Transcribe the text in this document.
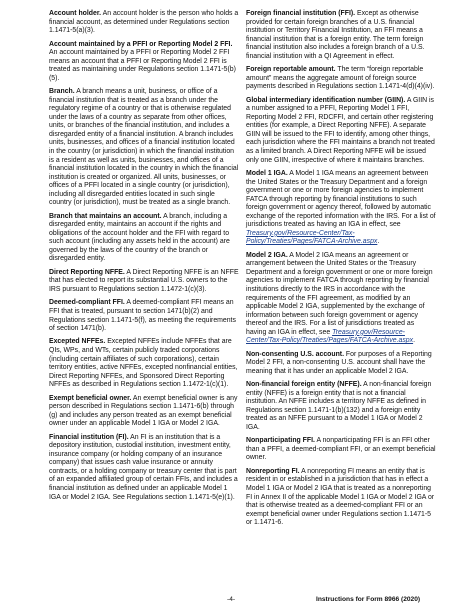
Account holder. An account holder is the person who holds a financial account, as determined under Regulations section 1.1471-5(a)(3).

Account maintained by a PFFI or Reporting Model 2 FFI. An account maintained by a PFFI or Reporting Model 2 FFI means an account that a PFFI or Reporting Model 2 FFI is treated as maintaining under Regulations section 1.1471-5(b)(5).

Branch. A branch means a unit, business, or office of a financial institution that is treated as a branch under the regulatory regime of a country or that is otherwise regulated under the laws of a country as separate from other offices, units, or branches of the financial institution, and includes a disregarded entity of a financial institution. A branch includes units, businesses, and offices of a financial institution located in the country (or jurisdiction) in which the financial institution is a resident as well as units, businesses, and offices of a financial institution located in the country in which the financial institution is created or organized. All units, businesses, or offices of a PFFI located in a single country (or jurisdiction), including all disregarded entities located in such single country (or jurisdiction), must be treated as a single branch.

Branch that maintains an account. A branch, including a disregarded entity, maintains an account if the rights and obligations of the account holder and the FFI with regard to such account (including any assets held in the account) are governed by the laws of the country of the branch or disregarded entity.

Direct Reporting NFFE. A Direct Reporting NFFE is an NFFE that has elected to report its substantial U.S. owners to the IRS pursuant to Regulations section 1.1472-1(c)(3).

Deemed-compliant FFI. A deemed-compliant FFI means an FFI that is treated, pursuant to section 1471(b)(2) and Regulations section 1.1471-5(f), as meeting the requirements of section 1471(b).

Excepted NFFEs. Excepted NFFEs include NFFEs that are QIs, WPs, and WTs, certain publicly traded corporations (including certain affiliates of such corporations), certain territory entities, active NFFEs, excepted nonfinancial entities, Direct Reporting NFFEs, and Sponsored Direct Reporting NFFEs as described in Regulations section 1.1472-1(c)(1).

Exempt beneficial owner. An exempt beneficial owner is any person described in Regulations section 1.1471-6(b) through (g) and includes any person treated as an exempt beneficial owner under an applicable Model 1 IGA or Model 2 IGA.

Financial institution (FI). An FI is an institution that is a depository institution, custodial institution, investment entity, insurance company (or holding company of an insurance company) that issues cash value insurance or annuity contracts, or a holding company or treasury center that is part of an expanded affiliated group of certain FFIs, and includes a financial institution as defined under an applicable Model 1 IGA or Model 2 IGA. See Regulations section 1.1471-5(e)(1).

Foreign financial institution (FFI). Except as otherwise provided for certain foreign branches of a U.S. financial institution or Territory Financial Institution, an FFI means a financial institution that is a foreign entity. The term foreign financial institution also includes a foreign branch of a U.S. financial institution with a QI Agreement in effect.

Foreign reportable amount. The term “foreign reportable amount” means the aggregate amount of foreign source payments described in Regulations section 1.1471-4(d)(4)(iv).

Global intermediary identification number (GIIN). A GIIN is a number assigned to a PFFI, Reporting Model 1 FFI, Reporting Model 2 FFI, RDCFFI, and certain other registering entities (for example, a Direct Reporting NFFE). A separate GIIN will be issued to the FFI to identify, among other things, each jurisdiction where the FFI maintains a branch not treated as a limited branch. A Direct Reporting NFFE will be issued only one GIIN, irrespective of where it maintains branches.

Model 1 IGA. A Model 1 IGA means an agreement between the United States or the Treasury Department and a foreign government or one or more foreign agencies to implement FATCA through reporting by financial institutions to such foreign government or agency thereof, followed by automatic exchange of the reported information with the IRS. For a list of jurisdictions treated as having an IGA in effect, see Treasury.gov/Resource-Center/Tax-Policy/Treaties/Pages/FATCA-Archive.aspx.

Model 2 IGA. A Model 2 IGA means an agreement or arrangement between the United States or the Treasury Department and a foreign government or one or more foreign agencies to implement FATCA through reporting by financial institutions directly to the IRS in accordance with the requirements of the FFI agreement, as modified by an applicable Model 2 IGA, supplemented by the exchange of information between such foreign government or agency thereof and the IRS. For a list of jurisdictions treated as having an IGA in effect, see Treasury.gov/Resource-Center/Tax-Policy/Treaties/Pages/FATCA-Archive.aspx.

Non-consenting U.S. account. For purposes of a Reporting Model 2 FFI, a non-consenting U.S. account shall have the meaning that it has under an applicable Model 2 IGA.

Non-financial foreign entity (NFFE). A non-financial foreign entity (NFFE) is a foreign entity that is not a financial institution. An NFFE includes a territory NFFE as defined in Regulations section 1.1471-1(b)(132) and a foreign entity treated as an NFFE pursuant to a Model 1 IGA or Model 2 IGA.

Nonparticipating FFI. A nonparticipating FFI is an FFI other than a PFFI, a deemed-compliant FFI, or an exempt beneficial owner.

Nonreporting FI. A nonreporting FI means an entity that is resident in or established in a jurisdiction that has in effect a Model 1 IGA or Model 2 IGA that is treated as a nonreporting FI in Annex II of the applicable Model 1 IGA or Model 2 IGA or that is otherwise treated as a deemed-compliant FFI or an exempt beneficial owner under Regulations section 1.1471-5 or 1.1471-6.

-4-	Instructions for Form 8966 (2020)
